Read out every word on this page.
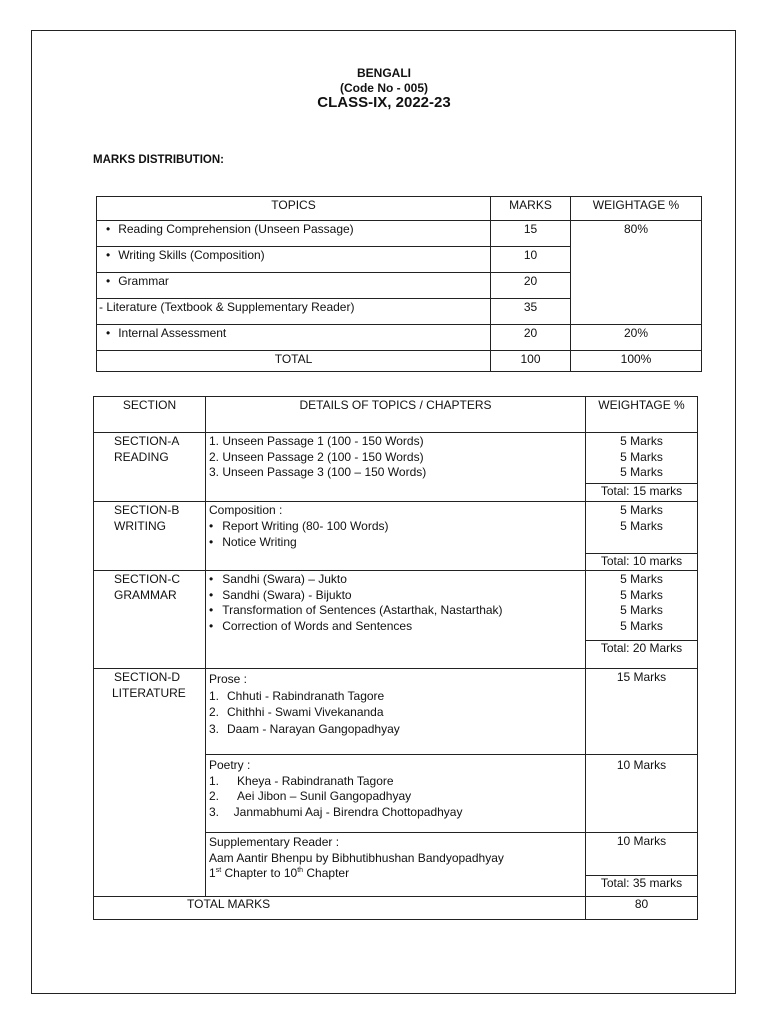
BENGALI
(Code No - 005)
CLASS-IX, 2022-23
MARKS DISTRIBUTION:
TOPICS	MARKS	WEIGHTAGE %
• Reading Comprehension (Unseen Passage)	15	80%
• Writing Skills (Composition)	10	
• Grammar	20	
- Literature (Textbook & Supplementary Reader)	35	
• Internal Assessment	20	20%
TOTAL	100	100%
SECTION	DETAILS OF TOPICS / CHAPTERS	WEIGHTAGE %

SECTION-A
READING	1. Unseen Passage 1 (100 - 150 Words)
2. Unseen Passage 2 (100 - 150 Words)
3. Unseen Passage 3 (100 – 150 Words)	5 Marks
5 Marks
5 Marks
Total: 15 marks

SECTION-B
WRITING	Composition :
• Report Writing (80- 100 Words)
• Notice Writing	5 Marks
5 Marks
Total: 10 marks

SECTION-C
GRAMMAR	• Sandhi (Swara) – Jukto
• Sandhi (Swara) - Bijukto
• Transformation of Sentences (Astarthak, Nastarthak)
• Correction of Words and Sentences	5 Marks
5 Marks
5 Marks
5 Marks
Total: 20 Marks

SECTION-D
LITERATURE	Prose :
1. Chhuti - Rabindranath Tagore
2. Chithhi - Swami Vivekananda
3. Daam - Narayan Gangopadhyay	15 Marks

	Poetry :
1. Kheya - Rabindranath Tagore
2. Aei Jibon – Sunil Gangopadhyay
3. Janmabhumi Aaj - Birendra Chottopadhyay	10 Marks

	Supplementary Reader :
Aam Aantir Bhenpu by Bibhutibhushan Bandyopadhyay
1st Chapter to 10th Chapter	10 Marks
Total: 35 marks

TOTAL MARKS		80
